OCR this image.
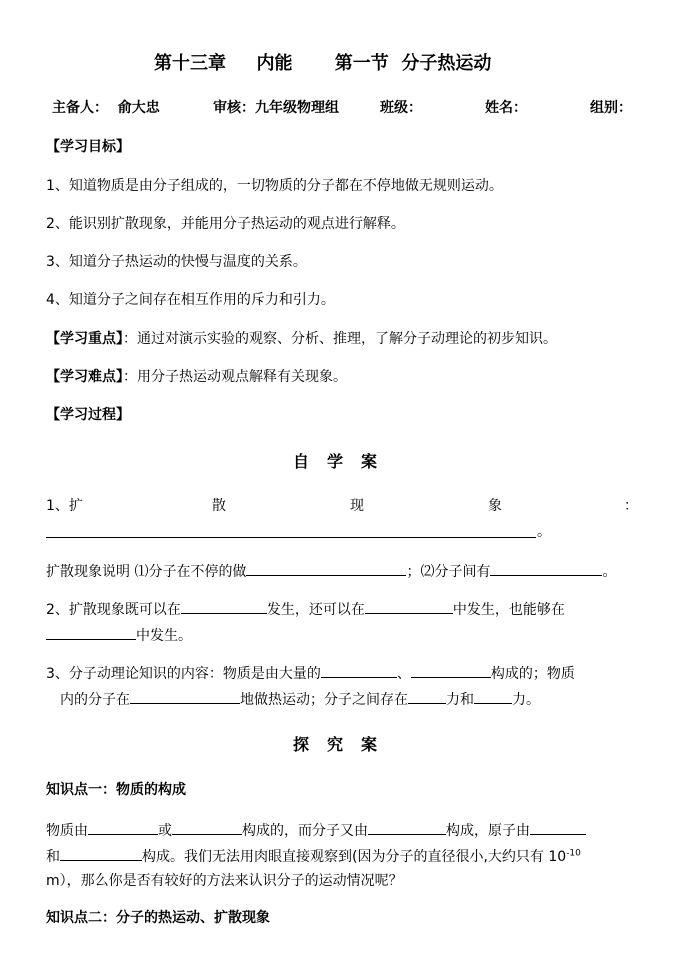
第十三章　  内能　　 第一节  分子热运动
主备人：  俞大忠	审核：九年级物理组	班级：	姓名：	组别：
【学习目标】
1、知道物质是由分子组成的，一切物质的分子都在不停地做无规则运动。
2、能识别扩散现象，并能用分子热运动的观点进行解释。
3、知道分子热运动的快慢与温度的关系。
4、知道分子之间存在相互作用的斥力和引力。
【学习重点】：通过对演示实验的观察、分析、推理，了解分子动理论的初步知识。
【学习难点】：用分子热运动观点解释有关现象。
【学习过程】
自学案
1、扩	散	现	象	：
。
扩散现象说明 ⑴分子在不停的做	；⑵分子间有	。
2、扩散现象既可以在	发生，还可以在	中发生，也能够在
中发生。
3、分子动理论知识的内容：物质是由大量的	、	构成的；物质
内的分子在	地做热运动；分子之间存在	力和	力。
探究案
知识点一：物质的构成
物质由	或	构成的，而分子又由	构成，原子由
和	构成。我们无法用肉眼直接观察到(因为分子的直径很小,大约只有 $10^{-10}$
m），那么你是否有较好的方法来认识分子的运动情况呢？
知识点二：分子的热运动、扩散现象
